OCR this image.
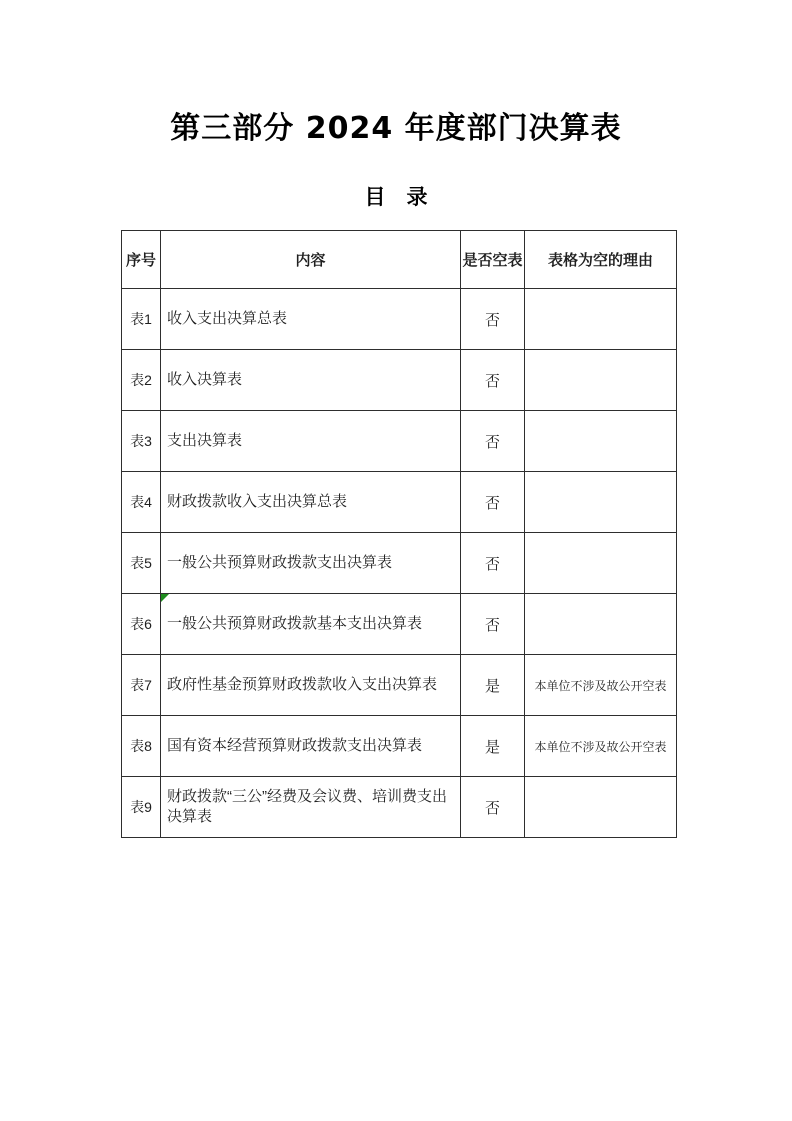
第三部分 2024 年度部门决算表
目　录
序号	内容	是否空表	表格为空的理由
表1	收入支出决算总表	否	
表2	收入决算表	否	
表3	支出决算表	否	
表4	财政拨款收入支出决算总表	否	
表5	一般公共预算财政拨款支出决算表	否	
表6	一般公共预算财政拨款基本支出决算表	否	
表7	政府性基金预算财政拨款收入支出决算表	是	本单位不涉及故公开空表
表8	国有资本经营预算财政拨款支出决算表	是	本单位不涉及故公开空表
表9	财政拨款“三公”经费及会议费、培训费支出决算表	否	
